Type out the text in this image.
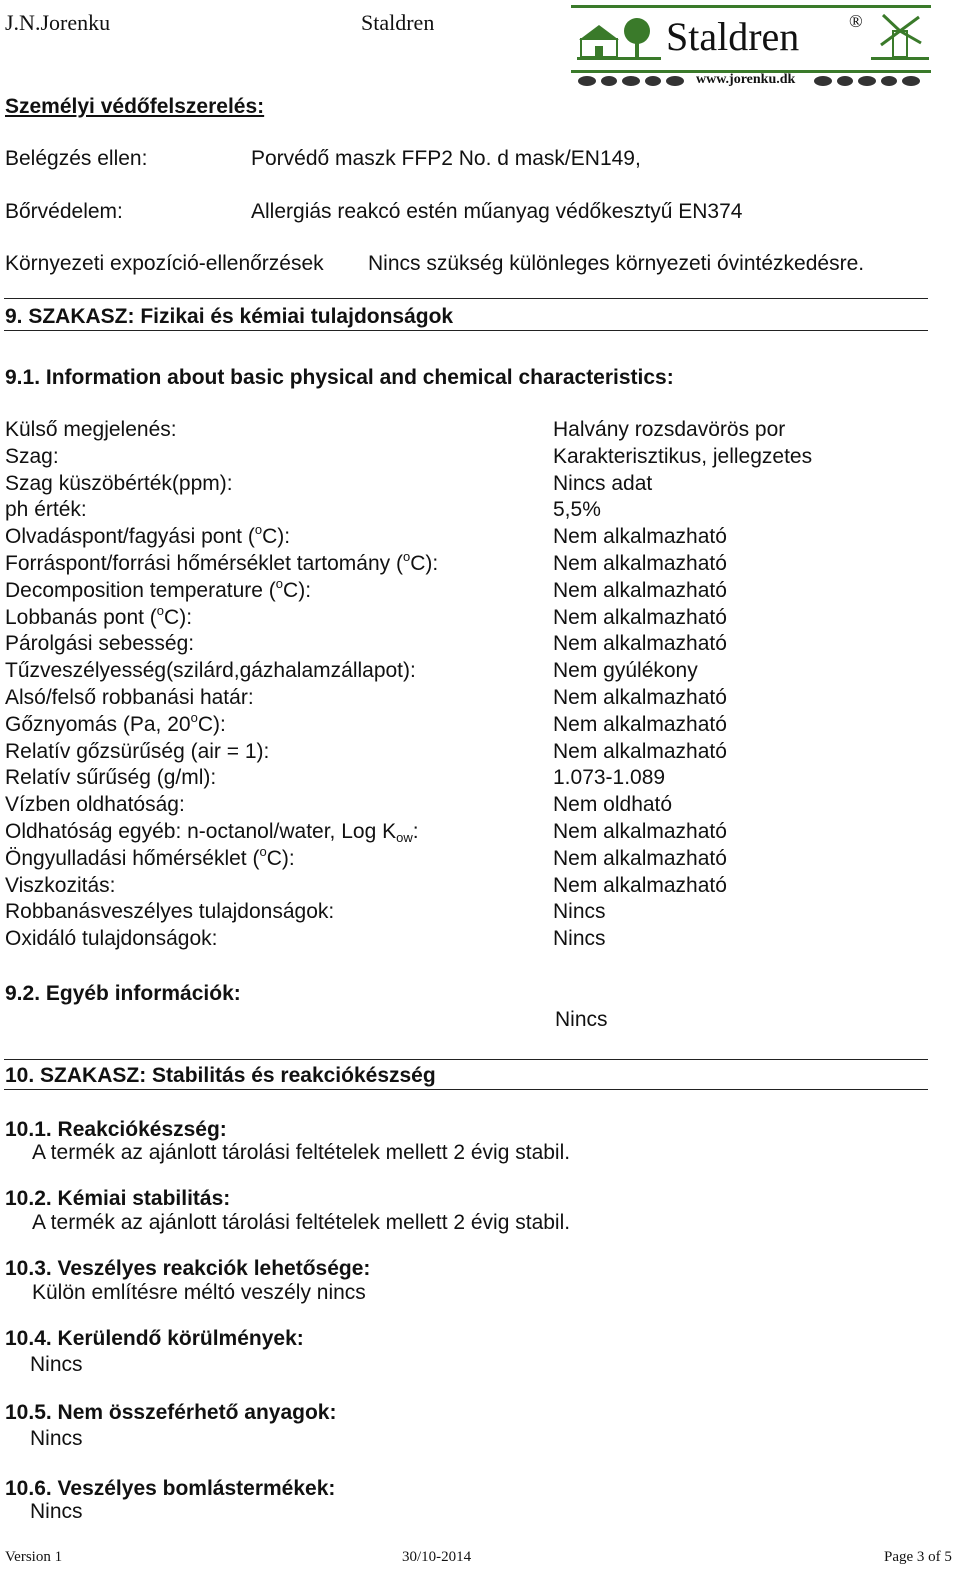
J.N.Jorenku	Staldren	Staldren	®
www.jorenku.dk
Személyi védőfelszerelés:
Belégzés ellen:	Porvédő maszk FFP2 No. d mask/EN149,
Bőrvédelem:	Allergiás reakcó estén műanyag védőkesztyű EN374
Környezeti expozíció-ellenőrzések Nincs szükség különleges környezeti óvintézkedésre.
9. SZAKASZ: Fizikai és kémiai tulajdonságok
9.1. Information about basic physical and chemical characteristics:
Külső megjelenés:	Halvány rozsdavörös por
Szag:	Karakterisztikus, jellegzetes
Szag küszöbérték(ppm):	Nincs adat
ph érték:	5,5%
Olvadáspont/fagyási pont ($^o$C):	Nem alkalmazható
Forráspont/forrási hőmérséklet tartomány ($^o$C):	Nem alkalmazható
Decomposition temperature ($^o$C):	Nem alkalmazható
Lobbanás pont ($^o$C):	Nem alkalmazható
Párolgási sebesség:	Nem alkalmazható
Tűzveszélyesség(szilárd,gázhalamzállapot):	Nem gyúlékony
Alsó/felső robbanási határ:	Nem alkalmazható
Gőznyomás (Pa, 20$^o$C):	Nem alkalmazható
Relatív gőzsürűség (air = 1):	Nem alkalmazható
Relatív sűrűség (g/ml):	1.073-1.089
Vízben oldhatóság:	Nem oldható
Oldhatóság egyéb: n-octanol/water, Log $K_{ow}$:	Nem alkalmazható
Öngyulladási hőmérséklet ($^o$C):	Nem alkalmazható
Viszkozitás:	Nem alkalmazható
Robbanásveszélyes tulajdonságok:	Nincs
Oxidáló tulajdonságok:	Nincs
9.2. Egyéb információk:
Nincs
10. SZAKASZ: Stabilitás és reakciókészség
10.1. Reakciókészség:
A termék az ajánlott tárolási feltételek mellett 2 évig stabil.
10.2. Kémiai stabilitás:
A termék az ajánlott tárolási feltételek mellett 2 évig stabil.
10.3. Veszélyes reakciók lehetősége:
Külön említésre méltó veszély nincs
10.4. Kerülendő körülmények:
Nincs
10.5. Nem összeférhető anyagok:
Nincs
10.6. Veszélyes bomlástermékek:
Nincs
Version 1	30/10-2014	Page 3 of 5
